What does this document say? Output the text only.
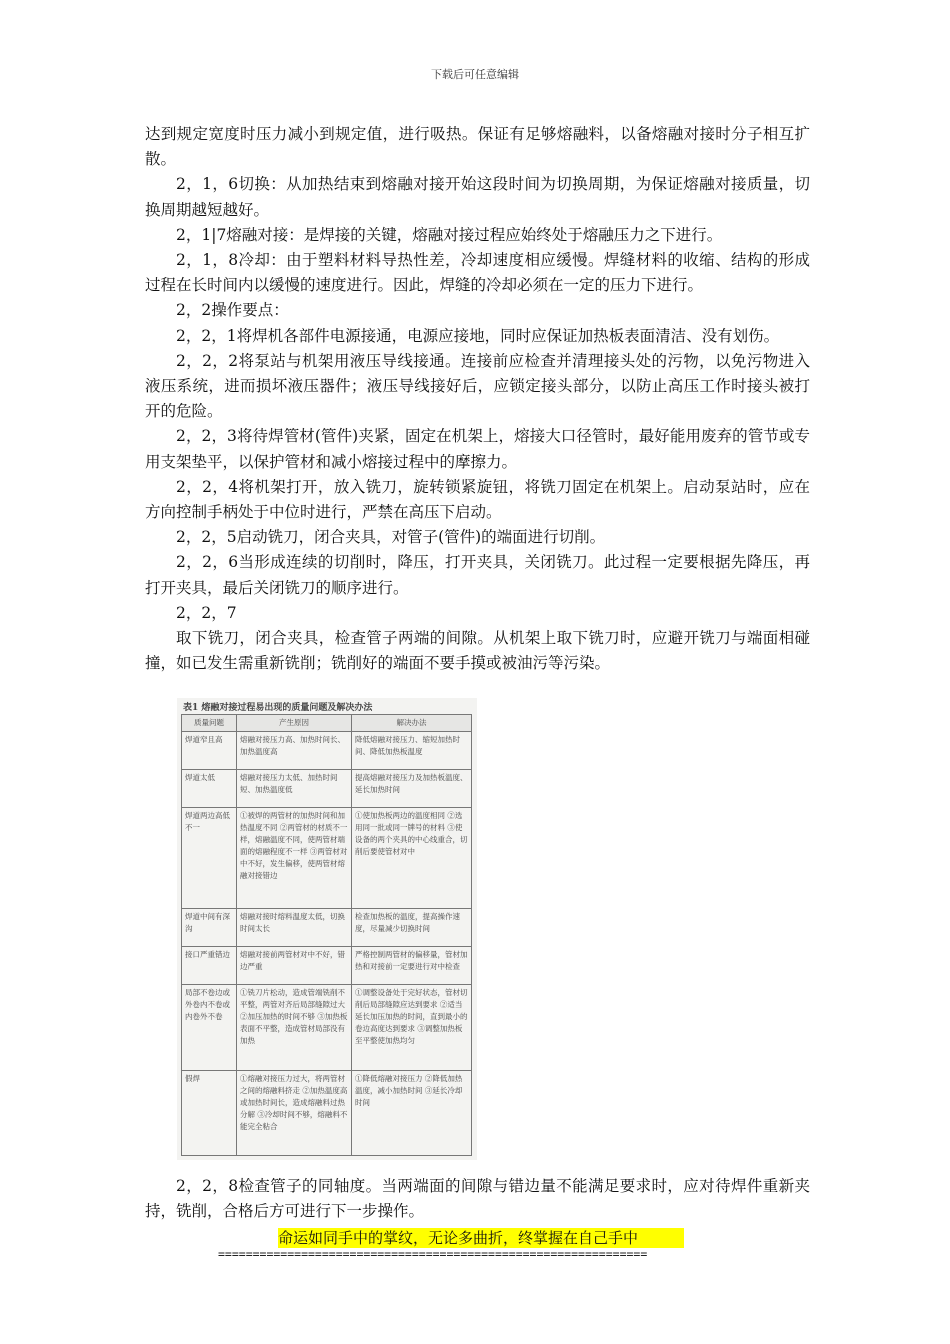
下载后可任意编辑

达到规定宽度时压力减小到规定值，进行吸热。保证有足够熔融料，以备熔融对接时分子相互扩散。

2，1，6切换：从加热结束到熔融对接开始这段时间为切换周期，为保证熔融对接质量，切换周期越短越好。

2，1|7熔融对接：是焊接的关键，熔融对接过程应始终处于熔融压力之下进行。

2，1，8冷却：由于塑料材料导热性差，冷却速度相应缓慢。焊缝材料的收缩、结构的形成过程在长时间内以缓慢的速度进行。因此，焊缝的冷却必须在一定的压力下进行。

2，2操作要点：

2，2，1将焊机各部件电源接通，电源应接地，同时应保证加热板表面清洁、没有划伤。

2，2，2将泵站与机架用液压导线接通。连接前应检查并清理接头处的污物，以免污物进入液压系统，进而损坏液压器件；液压导线接好后，应锁定接头部分，以防止高压工作时接头被打开的危险。

2，2，3将待焊管材(管件)夹紧，固定在机架上，熔接大口径管时，最好能用废弃的管节或专用支架垫平，以保护管材和减小熔接过程中的摩擦力。

2，2，4将机架打开，放入铣刀，旋转锁紧旋钮，将铣刀固定在机架上。启动泵站时，应在方向控制手柄处于中位时进行，严禁在高压下启动。

2，2，5启动铣刀，闭合夹具，对管子(管件)的端面进行切削。

2，2，6当形成连续的切削时，降压，打开夹具，关闭铣刀。此过程一定要根据先降压，再打开夹具，最后关闭铣刀的顺序进行。

2，2，7

取下铣刀，闭合夹具，检查管子两端的间隙。从机架上取下铣刀时，应避开铣刀与端面相碰撞，如已发生需重新铣削；铣削好的端面不要手摸或被油污等污染。

表1 熔融对接过程易出现的质量问题及解决办法
质量问题	产生原因	解决办法
焊道窄且高	熔融对接压力高、加热时间长、加热温度高	降低熔融对接压力、缩短加热时间、降低加热板温度
焊道太低	熔融对接压力太低、加热时间短、加热温度低	提高熔融对接压力及加热板温度、延长加热时间
焊道两边高低不一	①被焊的两管材的加热时间和加热温度不同 ②两管材的材质不一样，熔融温度不同，使两管材端面的熔融程度不一样 ③两管材对中不好，发生偏移，使两管材熔融对接错边	①使加热板两边的温度相同 ②选用同一批或同一牌号的材料 ③使设备的两个夹具的中心线重合，切削后要使管材对中
焊道中间有深沟	熔融对接时熔料温度太低，切换时间太长	检查加热板的温度，提高操作速度，尽量减少切换时间
接口严重错边	熔融对接前两管材对中不好，错边严重	严格控制两管材的偏移量，管材加热和对接前一定要进行对中检查
局部不卷边或外卷内不卷或内卷外不卷	①铣刀片松动，造成管端铣削不平整，两管对齐后局部缝隙过大 ②加压加热的时间不够 ③加热板表面不平整，造成管材局部没有加热	①调整设备处于完好状态，管材切削后局部缝隙应达到要求 ②适当延长加压加热的时间，直到最小的卷边高度达到要求 ③调整加热板至平整使加热均匀
假焊	①熔融对接压力过大，将两管材之间的熔融料挤走 ②加热温度高或加热时间长，造成熔融料过热分解 ③冷却时间不够，熔融料不能完全粘合	①降低熔融对接压力 ②降低加热温度，减小加热时间 ③延长冷却时间

2，2，8检查管子的同轴度。当两端面的间隙与错边量不能满足要求时，应对待焊件重新夹持，铣削，合格后方可进行下一步操作。

命运如同手中的掌纹，无论多曲折，终掌握在自己手中
==============================================================
